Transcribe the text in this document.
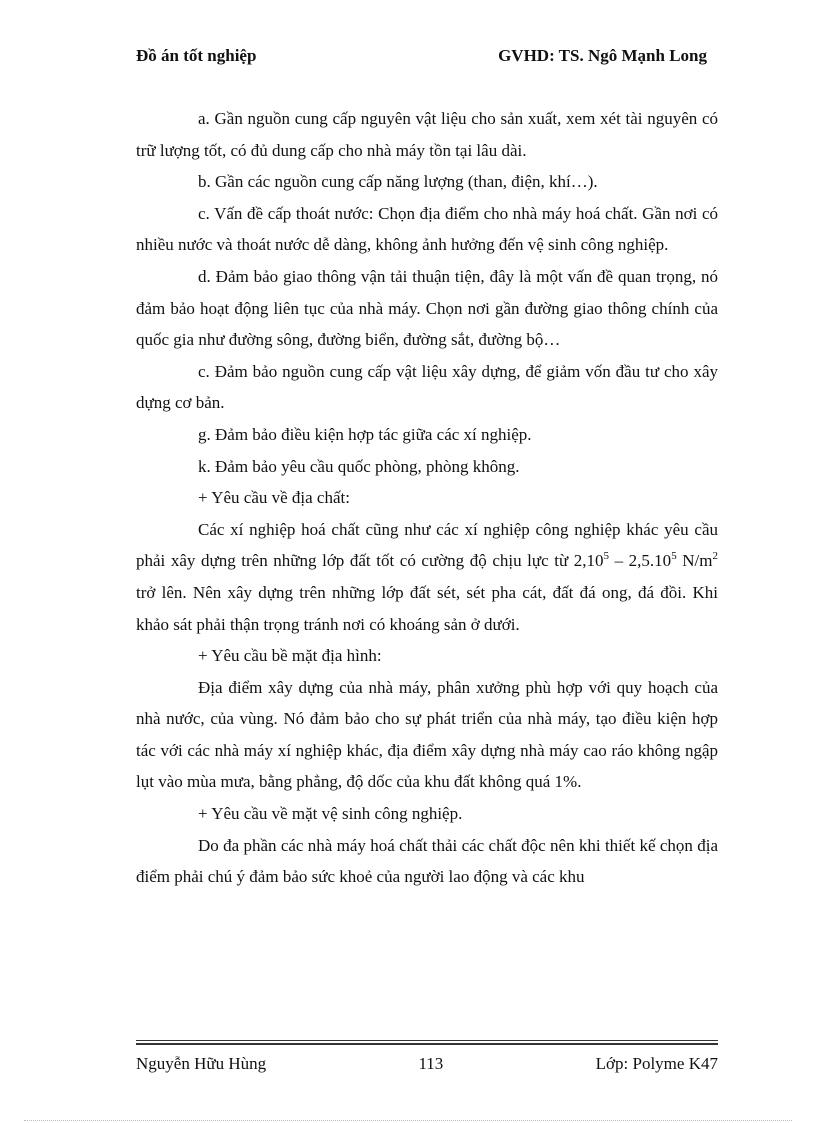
Đồ án tốt nghiệp	GVHD: TS. Ngô Mạnh Long

a. Gần nguồn cung cấp nguyên vật liệu cho sản xuất, xem xét tài nguyên có trữ lượng tốt, có đủ dung cấp cho nhà máy tồn tại lâu dài.

b. Gần các nguồn cung cấp năng lượng (than, điện, khí…).

c. Vấn đề cấp thoát nước: Chọn địa điểm cho nhà máy hoá chất. Gần nơi có nhiều nước và thoát nước dễ dàng, không ảnh hưởng đến vệ sinh công nghiệp.

d. Đảm bảo giao thông vận tải thuận tiện, đây là một vấn đề quan trọng, nó đảm bảo hoạt động liên tục của nhà máy. Chọn nơi gần đường giao thông chính của quốc gia như đường sông, đường biển, đường sắt, đường bộ…

c. Đảm bảo nguồn cung cấp vật liệu xây dựng, để giảm vốn đầu tư cho xây dựng cơ bản.

g. Đảm bảo điều kiện hợp tác giữa các xí nghiệp.

k. Đảm bảo yêu cầu quốc phòng, phòng không.

+ Yêu cầu về địa chất:

Các xí nghiệp hoá chất cũng như các xí nghiệp công nghiệp khác yêu cầu phải xây dựng trên những lớp đất tốt có cường độ chịu lực từ 2,10$^5$ – 2,5.10$^5$ $N/m^2$ trở lên. Nên xây dựng trên những lớp đất sét, sét pha cát, đất đá ong, đá đồi. Khi khảo sát phải thận trọng tránh nơi có khoáng sản ở dưới.

+ Yêu cầu bề mặt địa hình:

Địa điểm xây dựng của nhà máy, phân xưởng phù hợp với quy hoạch của nhà nước, của vùng. Nó đảm bảo cho sự phát triển của nhà máy, tạo điều kiện hợp tác với các nhà máy xí nghiệp khác, địa điểm xây dựng nhà máy cao ráo không ngập lụt vào mùa mưa, bằng phẳng, độ dốc của khu đất không quá 1%.

+ Yêu cầu về mặt vệ sinh công nghiệp.

Do đa phần các nhà máy hoá chất thải các chất độc nên khi thiết kế chọn địa điểm phải chú ý đảm bảo sức khoẻ của người lao động và các khu

Nguyễn Hữu Hùng	113	Lớp: Polyme K47
